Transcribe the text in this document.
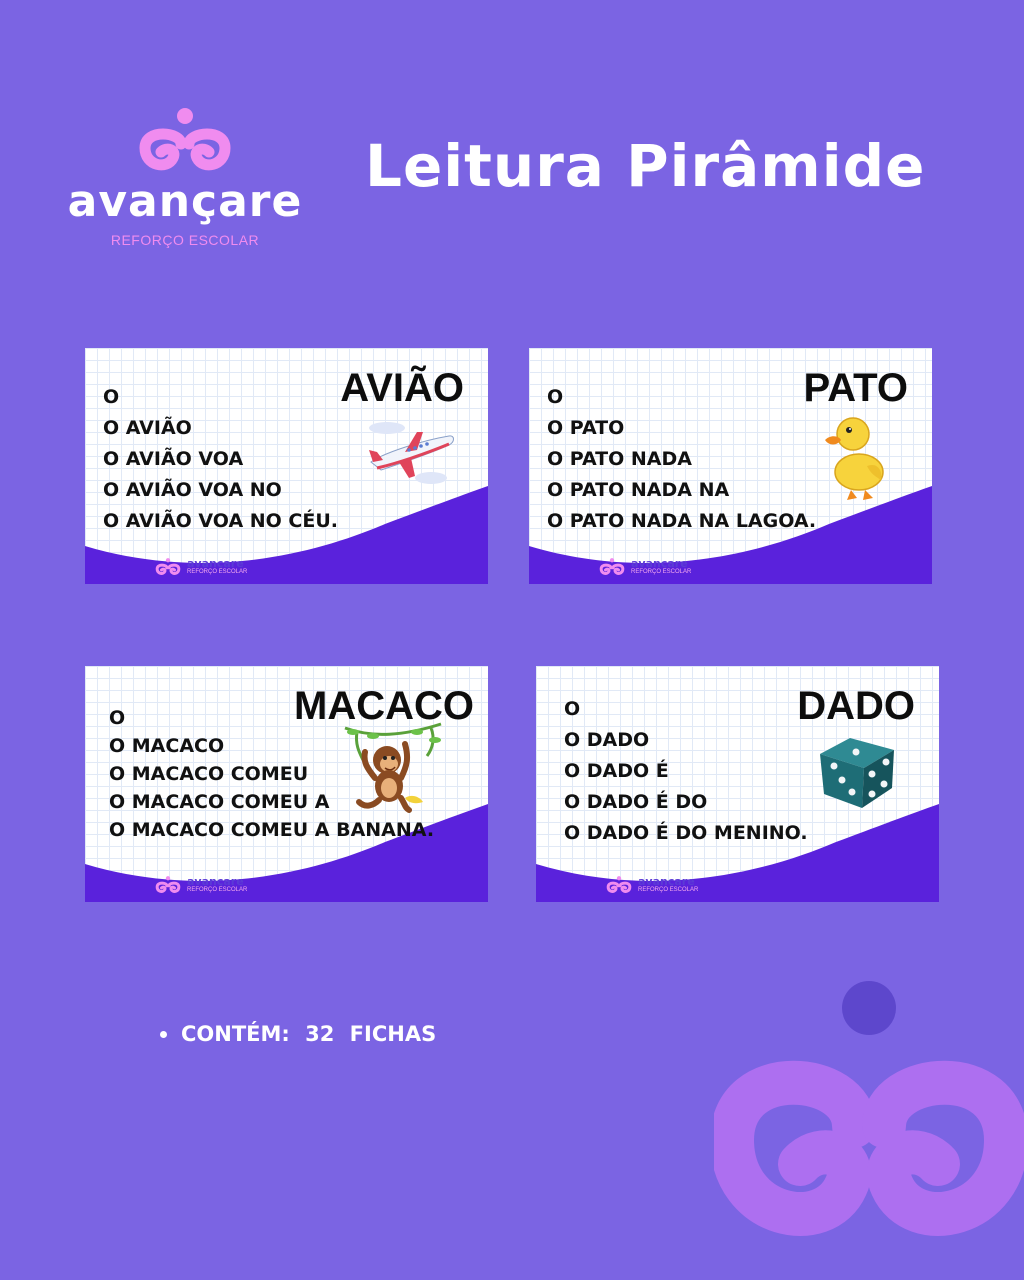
avançare
REFORÇO ESCOLAR
Leitura Pirâmide
AVIÃO
O
O AVIÃO
O AVIÃO VOA
O AVIÃO VOA NO
O AVIÃO VOA NO CÉU.
avançare
REFORÇO ESCOLAR
PATO
O
O PATO
O PATO NADA
O PATO NADA NA
O PATO NADA NA LAGOA.
avançare
REFORÇO ESCOLAR
MACACO
O
O MACACO
O MACACO COMEU
O MACACO COMEU A
O MACACO COMEU A BANANA.
avançare
REFORÇO ESCOLAR
DADO
O
O DADO
O DADO É
O DADO É DO
O DADO É DO MENINO.
avançare
REFORÇO ESCOLAR
CONTÉM: 32 FICHAS
